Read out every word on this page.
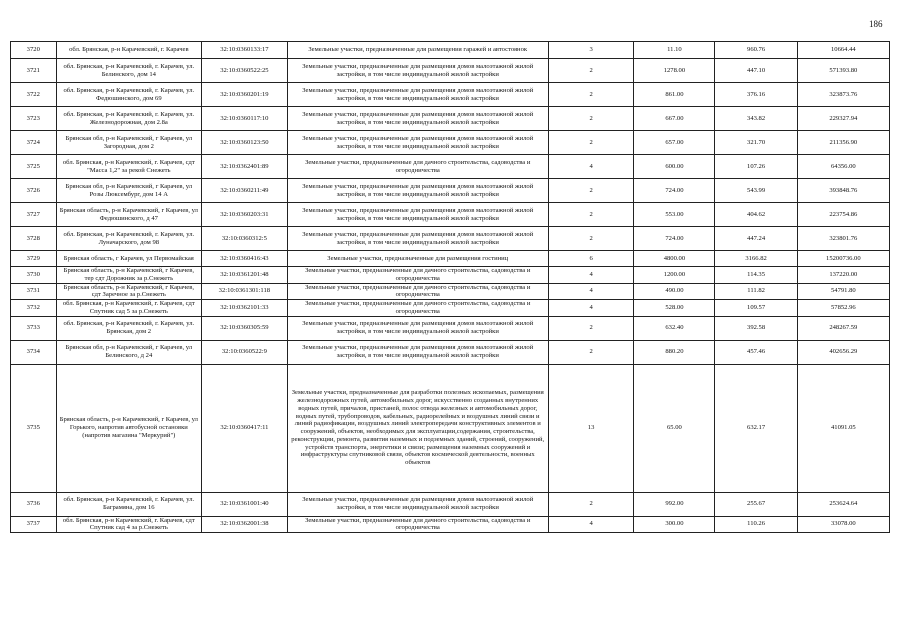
186
3720	обл. Брянская, р-н Карачевский, г. Карачев	32:10:0360133:17	Земельные участки, предназначенные для размещения гаражей и автостоянок	3	11.10	960.76	10664.44
3721	обл. Брянская, р-н Карачевский, г. Карачев, ул. Белинского, дом 14	32:10:0360522:25	Земельные участки, предназначенные для размещения домов малоэтажной жилой застройки, в том числе индивидуальной жилой застройки	2	1278.00	447.10	571393.80
3722	обл. Брянская, р-н Карачевский, г. Карачев, ул. Федюшинского, дом 69	32:10:0360201:19	Земельные участки, предназначенные для размещения домов малоэтажной жилой застройки, в том числе индивидуальной жилой застройки	2	861.00	376.16	323873.76
3723	обл. Брянская, р-н Карачевский, г. Карачев, ул. Железнодорожная, дом 2.8а	32:10:0360117:10	Земельные участки, предназначенные для размещения домов малоэтажной жилой застройки, в том числе индивидуальной жилой застройки	2	667.00	343.82	229327.94
3724	Брянская обл, р-н Карачевский, г Карачев, ул Загородная, дом 2	32:10:0360123:50	Земельные участки, предназначенные для размещения домов малоэтажной жилой застройки, в том числе индивидуальной жилой застройки	2	657.00	321.70	211356.90
3725	обл. Брянская, р-н Карачевский, г. Карачев, сдт "Масса 1,2" за рекой Снежеть	32:10:0362401:89	Земельные участки, предназначенные для дачного строительства, садоводства и огородничества	4	600.00	107.26	64356.00
3726	Брянская обл, р-н Карачевский, г Карачев, ул Розы Люксембург, дом 14 А	32:10:0360211:49	Земельные участки, предназначенные для размещения домов малоэтажной жилой застройки, в том числе индивидуальной жилой застройки	2	724.00	543.99	393848.76
3727	Брянская область, р-н Карачевский, г Карачев, ул Федюшинского, д 47	32:10:0360203:31	Земельные участки, предназначенные для размещения домов малоэтажной жилой застройки, в том числе индивидуальной жилой застройки	2	553.00	404.62	223754.86
3728	обл. Брянская, р-н Карачевский, г. Карачев, ул. Луначарского, дом 98	32:10:0360312:5	Земельные участки, предназначенные для размещения домов малоэтажной жилой застройки, в том числе индивидуальной жилой застройки	2	724.00	447.24	323801.76
3729	Брянская область, г Карачев, ул Первомайская	32:10:0360416:43	Земельные участки, предназначенные для размещения гостиниц	6	4800.00	3166.82	15200736.00
3730	Брянская область, р-н Карачевский, г Карачев, тер сдт Дорожник за р.Снежеть	32:10:0361201:48	Земельные участки, предназначенные для дачного строительства, садоводства и огородничества	4	1200.00	114.35	137220.00
3731	Брянская область, р-н Карачевский, г Карачев, сдт Заречное за р.Снежеть	32:10:0361301:118	Земельные участки, предназначенные для дачного строительства, садоводства и огородничества	4	490.00	111.82	54791.80
3732	обл. Брянская, р-н Карачевский, г. Карачев, сдт Спутник сад 5 за р.Снежеть	32:10:0362101:33	Земельные участки, предназначенные для дачного строительства, садоводства и огородничества	4	528.00	109.57	57852.96
3733	обл. Брянская, р-н Карачевский, г. Карачев, ул. Брянская, дом 2	32:10:0360305:59	Земельные участки, предназначенные для размещения домов малоэтажной жилой застройки, в том числе индивидуальной жилой застройки	2	632.40	392.58	248267.59
3734	Брянская обл, р-н Карачевский, г Карачев, ул Белинского, д 24	32:10:0360522:9	Земельные участки, предназначенные для размещения домов малоэтажной жилой застройки, в том числе индивидуальной жилой застройки	2	880.20	457.46	402656.29
3735	Брянская область, р-н Карачевский, г Карачев, ул Горького, напротив автобусной остановки (напротив магазина "Меркурий")	32:10:0360417:11	Земельные участки, предназначенные для разработки полезных ископаемых, размещения железнодорожных путей, автомобильных дорог, искусственно созданных внутренних водных путей, причалов, пристаней, полос отвода железных и автомобильных дорог, водных путей, трубопроводов, кабельных, радиорелейных и воздушных линий связи и линий радиофикации, воздушных линий электропередачи конструктивных элементов и сооружений, объектов, необходимых для эксплуатации,содержания, строительства, реконструкции, ремонта, развития наземных и подземных зданий, строений, сооружений, устройств транспорта, энергетики и связи; размещения наземных сооружений и инфраструктуры спутниковой связи, объектов космической деятельности, военных объектов	13	65.00	632.17	41091.05
3736	обл. Брянская, р-н Карачевский, г. Карачев, ул. Баграмяна, дом 16	32:10:0361001:40	Земельные участки, предназначенные для размещения домов малоэтажной жилой застройки, в том числе индивидуальной жилой застройки	2	992.00	255.67	253624.64
3737	обл. Брянская, р-н Карачевский, г. Карачев, сдт Спутник сад 4 за р.Снежеть	32:10:0362001:38	Земельные участки, предназначенные для дачного строительства, садоводства и огородничества	4	300.00	110.26	33078.00
